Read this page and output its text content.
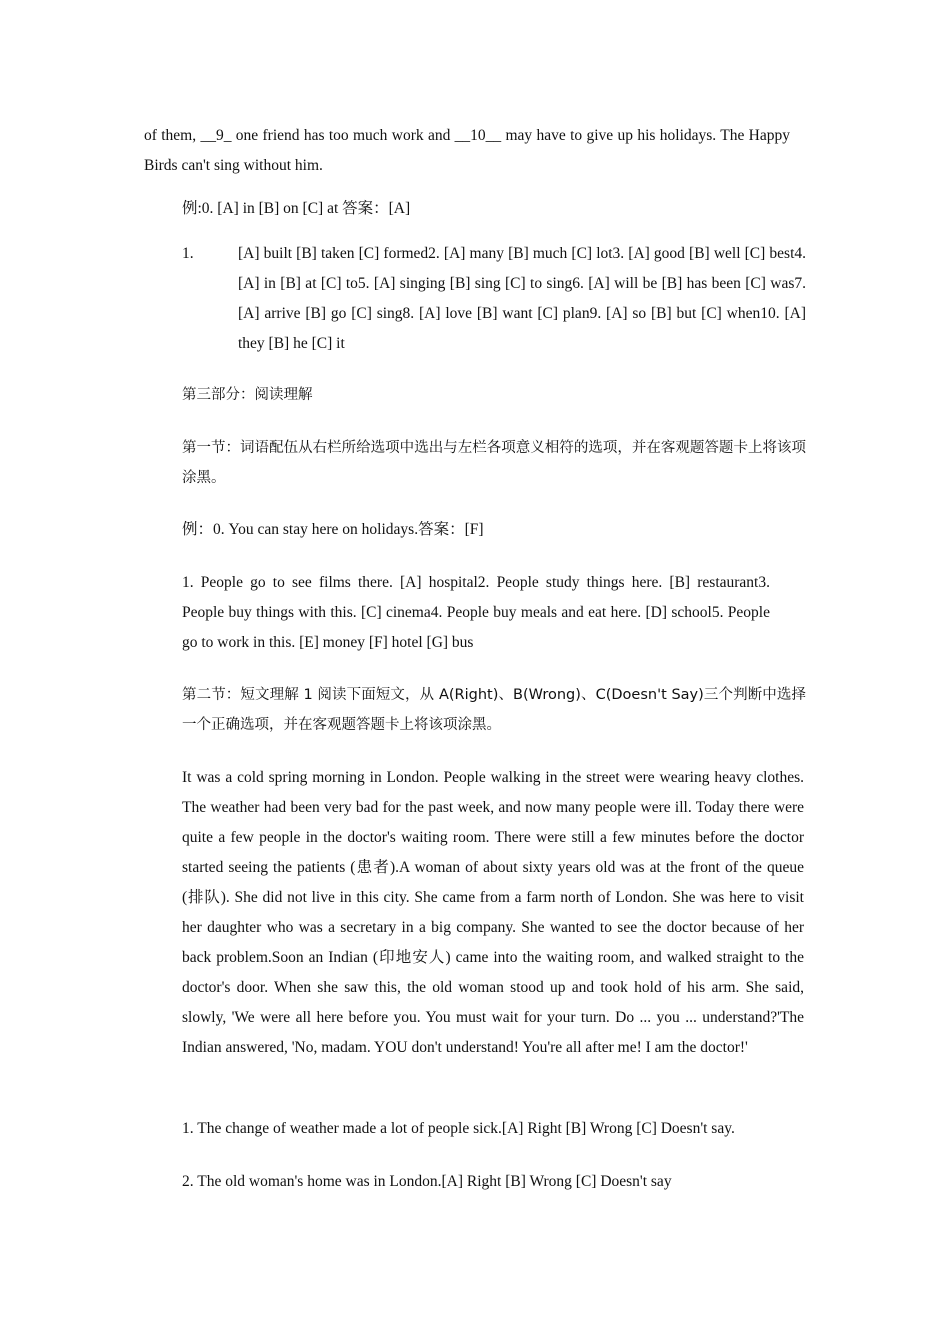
of them, __9_ one friend has too much work and __10__ may have to give up his holidays. The Happy Birds can't sing without him.

例:0. [A] in [B] on [C] at 答案：[A]

1.	[A] built [B] taken [C] formed2. [A] many [B] much [C] lot3. [A] good [B] well [C] best4. [A] in [B] at [C] to5. [A] singing [B] sing [C] to sing6. [A] will be [B] has been [C] was7. [A] arrive [B] go [C] sing8. [A] love [B] want [C] plan9. [A] so [B] but [C] when10. [A] they [B] he [C] it

第三部分：阅读理解

第一节：词语配伍从右栏所给选项中选出与左栏各项意义相符的选项，并在客观题答题卡上将该项涂黑。

例：0. You can stay here on holidays.答案：[F]

1. People go to see films there. [A] hospital2. People study things here. [B] restaurant3. People buy things with this. [C] cinema4. People buy meals and eat here. [D] school5. People go to work in this. [E] money [F] hotel [G] bus

第二节：短文理解 1 阅读下面短文，从 A(Right)、B(Wrong)、C(Doesn't Say)三个判断中选择一个正确选项，并在客观题答题卡上将该项涂黑。

It was a cold spring morning in London. People walking in the street were wearing heavy clothes. The weather had been very bad for the past week, and now many people were ill. Today there were quite a few people in the doctor's waiting room. There were still a few minutes before the doctor started seeing the patients (患者).A woman of about sixty years old was at the front of the queue (排队). She did not live in this city. She came from a farm north of London. She was here to visit her daughter who was a secretary in a big company. She wanted to see the doctor because of her back problem.Soon an Indian (印地安人) came into the waiting room, and walked straight to the doctor's door. When she saw this, the old woman stood up and took hold of his arm. She said, slowly, 'We were all here before you. You must wait for your turn. Do ... you ... understand?'The Indian answered, 'No, madam. YOU don't understand! You're all after me! I am the doctor!'

1. The change of weather made a lot of people sick.[A] Right [B] Wrong [C] Doesn't say.

2. The old woman's home was in London.[A] Right [B] Wrong [C] Doesn't say
